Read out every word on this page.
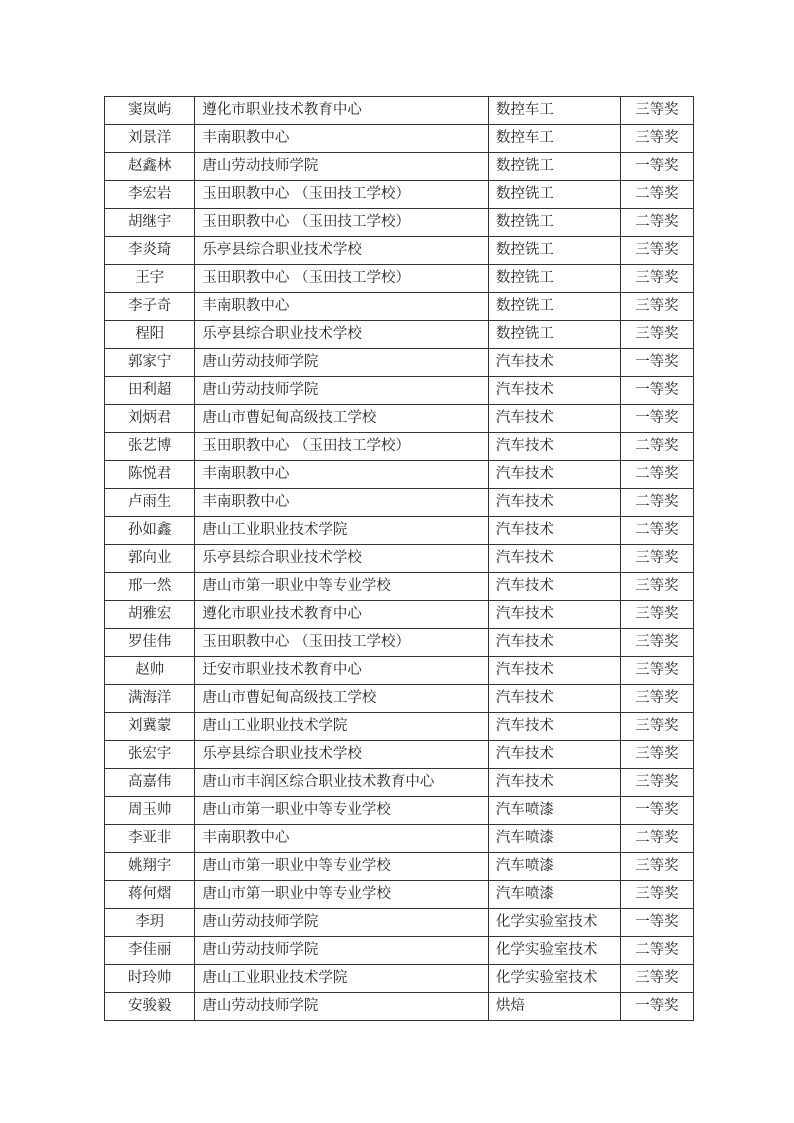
窦岚屿	遵化市职业技术教育中心	数控车工	三等奖
刘景洋	丰南职教中心	数控车工	三等奖
赵鑫林	唐山劳动技师学院	数控铣工	一等奖
李宏岩	玉田职教中心 （玉田技工学校）	数控铣工	二等奖
胡继宇	玉田职教中心 （玉田技工学校）	数控铣工	二等奖
李炎琦	乐亭县综合职业技术学校	数控铣工	三等奖
王宇	玉田职教中心 （玉田技工学校）	数控铣工	三等奖
李子奇	丰南职教中心	数控铣工	三等奖
程阳	乐亭县综合职业技术学校	数控铣工	三等奖
郭家宁	唐山劳动技师学院	汽车技术	一等奖
田利超	唐山劳动技师学院	汽车技术	一等奖
刘炳君	唐山市曹妃甸高级技工学校	汽车技术	一等奖
张艺博	玉田职教中心 （玉田技工学校）	汽车技术	二等奖
陈悦君	丰南职教中心	汽车技术	二等奖
卢雨生	丰南职教中心	汽车技术	二等奖
孙如鑫	唐山工业职业技术学院	汽车技术	二等奖
郭向业	乐亭县综合职业技术学校	汽车技术	三等奖
邢一然	唐山市第一职业中等专业学校	汽车技术	三等奖
胡雅宏	遵化市职业技术教育中心	汽车技术	三等奖
罗佳伟	玉田职教中心 （玉田技工学校）	汽车技术	三等奖
赵帅	迁安市职业技术教育中心	汽车技术	三等奖
满海洋	唐山市曹妃甸高级技工学校	汽车技术	三等奖
刘冀蒙	唐山工业职业技术学院	汽车技术	三等奖
张宏宇	乐亭县综合职业技术学校	汽车技术	三等奖
高嘉伟	唐山市丰润区综合职业技术教育中心	汽车技术	三等奖
周玉帅	唐山市第一职业中等专业学校	汽车喷漆	一等奖
李亚非	丰南职教中心	汽车喷漆	二等奖
姚翔宇	唐山市第一职业中等专业学校	汽车喷漆	三等奖
蒋何熠	唐山市第一职业中等专业学校	汽车喷漆	三等奖
李玥	唐山劳动技师学院	化学实验室技术	一等奖
李佳丽	唐山劳动技师学院	化学实验室技术	二等奖
时玲帅	唐山工业职业技术学院	化学实验室技术	三等奖
安骏毅	唐山劳动技师学院	烘焙	一等奖
